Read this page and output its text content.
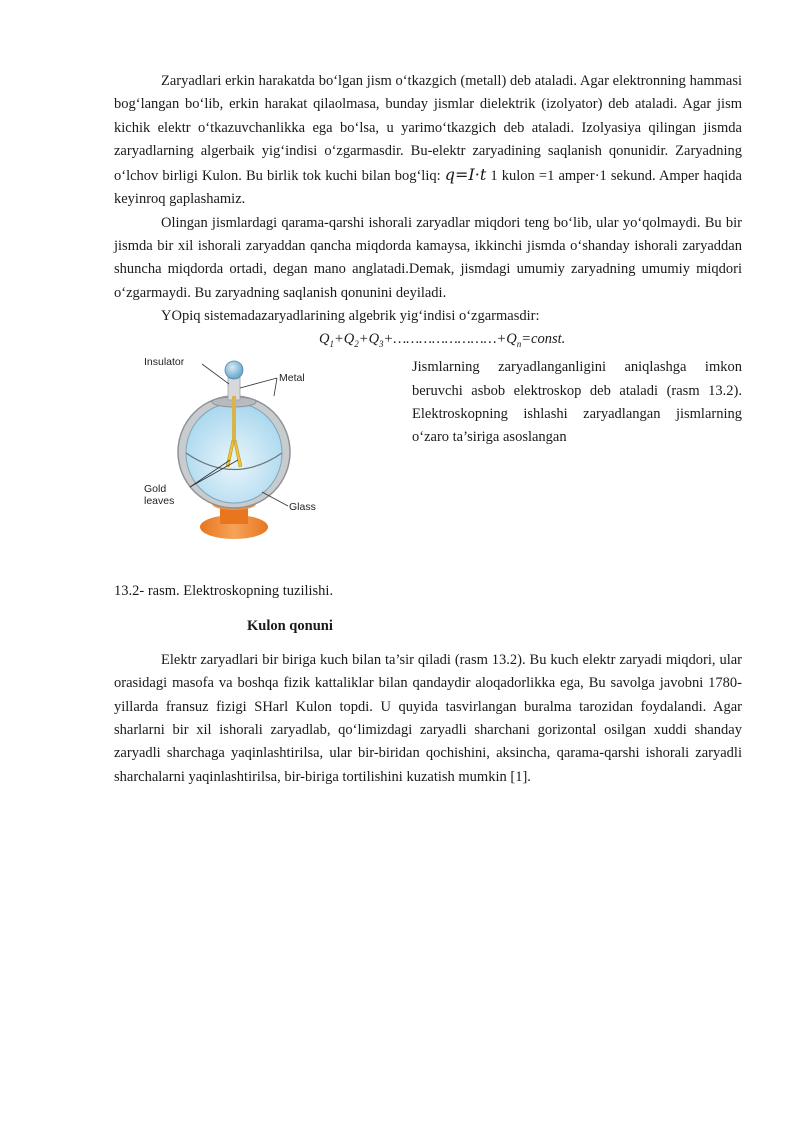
Zaryadlari erkin harakatda bo‘lgan jism o‘tkazgich (metall) deb ataladi. Agar elektronning hammasi bog‘langan bo‘lib, erkin harakat qilaolmasa, bunday jismlar dielektrik (izolyator) deb ataladi. Agar jism kichik elektr o‘tkazuvchanlikka ega bo‘lsa, u yarimo‘tkazgich deb ataladi. Izolyasiya qilingan jismda zaryadlarning algerbaik yig‘indisi o‘zgarmasdir. Bu-elektr zaryadining saqlanish qonunidir. Zaryadning o‘lchov birligi Kulon. Bu birlik tok kuchi bilan bog‘liq: q=I·t 1 kulon =1 amper·1 sekund. Amper haqida keyinroq gaplashamiz.

Olingan jismlardagi qarama-qarshi ishorali zaryadlar miqdori teng bo‘lib, ular yo‘qolmaydi. Bu bir jismda bir xil ishorali zaryaddan qancha miqdorda kamaysa, ikkinchi jismda o‘shanday ishorali zaryaddan shuncha miqdorda ortadi, degan mano anglatadi.Demak, jismdagi umumiy zaryadning umumiy miqdori o‘zgarmaydi. Bu zaryadning saqlanish qonunini deyiladi.

YOpiq sistemadazaryadlarining algebrik yig‘indisi o‘zgarmasdir:

$Q_1+Q_2+Q_3+\dots\dots\dots\dots\dots\dots\dots\dots+Q_n=const$.

Insulator
Metal
Gold
leaves	Glass

Jismlarning zaryadlanganligini aniqlashga imkon beruvchi asbob elektroskop deb ataladi (rasm 13.2). Elektroskopning ishlashi zaryadlangan jismlarning o‘zaro ta’siriga asoslangan

13.2- rasm. Elektroskopning tuzilishi.

Kulon qonuni

Elektr zaryadlari bir biriga kuch bilan ta’sir qiladi (rasm 13.2). Bu kuch elektr zaryadi miqdori, ular orasidagi masofa va boshqa fizik kattaliklar bilan qandaydir aloqadorlikka ega, Bu savolga javobni 1780-yillarda fransuz fizigi SHarl Kulon topdi. U quyida tasvirlangan buralma tarozidan foydalandi. Agar sharlarni bir xil ishorali zaryadlab, qo‘limizdagi zaryadli sharchani gorizontal osilgan xuddi shanday zaryadli sharchaga yaqinlashtirilsa, ular bir-biridan qochishini, aksincha, qarama-qarshi ishorali zaryadli sharchalarni yaqinlashtirilsa, bir-biriga tortilishini kuzatish mumkin [1].
